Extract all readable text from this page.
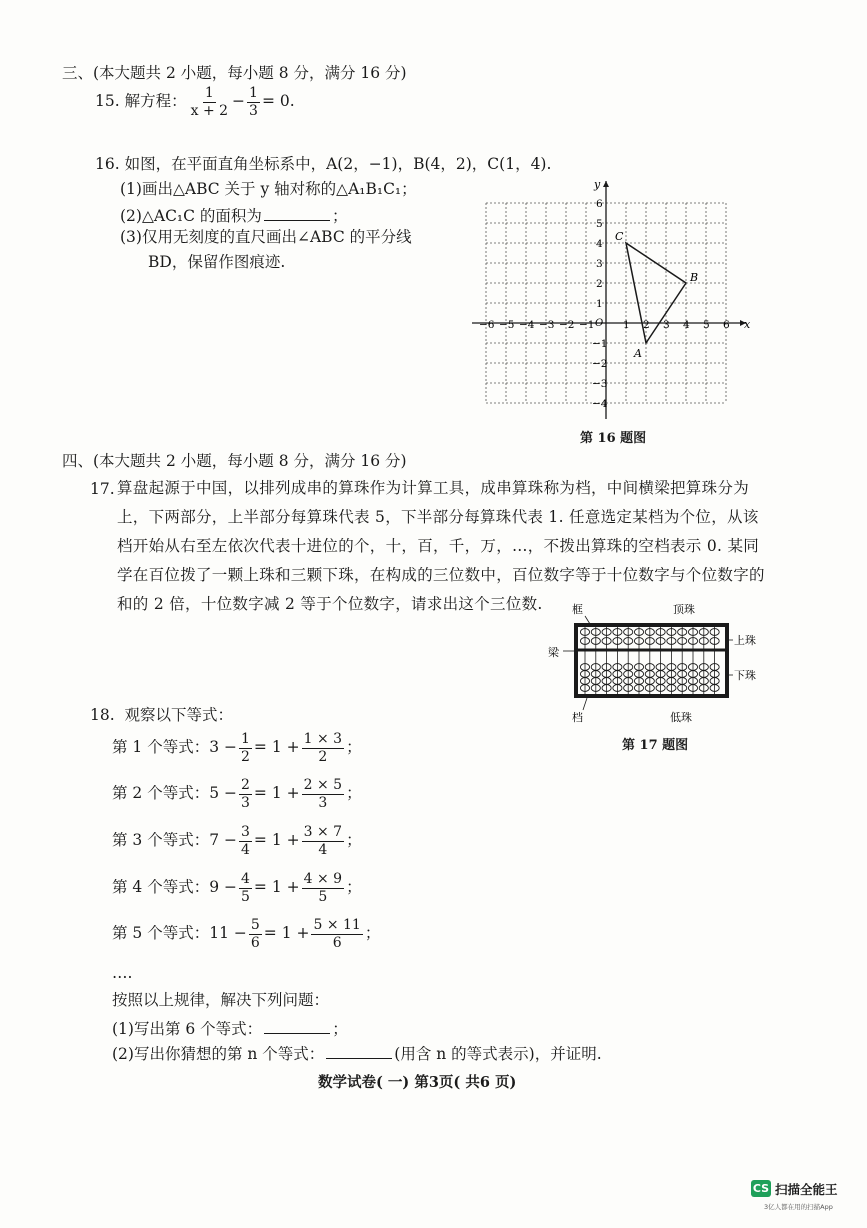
三、(本大题共 2 小题，每小题 8 分，满分 16 分)
15.
解方程： $\frac{1}{x + 2} - \frac{1}{3} = 0$.
16. 如图，在平面直角坐标系中，A(2，−1)，B(4，2)，C(1，4).
(1)画出△ABC 关于 y 轴对称的△A₁B₁C₁；
(2)△AC₁C 的面积为	；
(3)仅用无刻度的直尺画出∠ABC 的平分线
BD，保留作图痕迹.
x
y
O
−6 −5 −4 −3 −2 −1	1 2 3 4 5 6
6
5
4
3
2
1
−1
−2
−3
−4
A
B
C
第 16 题图
四、(本大题共 2 小题，每小题 8 分，满分 16 分)
17. 算盘起源于中国，以排列成串的算珠作为计算工具，成串算珠称为档，中间横梁把算珠分为上，下两部分，上半部分每算珠代表 5，下半部分每算珠代表 1. 任意选定某档为个位，从该档开始从右至左依次代表十进位的个，十，百，千，万，…，不拨出算珠的空档表示 0. 某同学在百位拨了一颗上珠和三颗下珠，在构成的三位数中，百位数字等于十位数字与个位数字的和的 2 倍，十位数字减 2 等于个位数字，请求出这个三位数.	框	顶珠
上珠
梁
下珠
档	低珠
第 17 题图
18. 观察以下等式：
第 1 个等式：$3 - \frac{1}{2} = 1 + \frac{1 \times 3}{2}$ ；
第 2 个等式：$5 - \frac{2}{3} = 1 + \frac{2 \times 5}{3}$ ；
第 3 个等式：$7 - \frac{3}{4} = 1 + \frac{3 \times 7}{4}$ ；
第 4 个等式：$9 - \frac{4}{5} = 1 + \frac{4 \times 9}{5}$ ；
第 5 个等式：$11 - \frac{5}{6} = 1 + \frac{5 \times 11}{6}$ ；
….
按照以上规律，解决下列问题：
(1)写出第 6 个等式：	；
(2)写出你猜想的第 n 个等式：	(用含 n 的等式表示)，并证明.
数学试卷( 一) 第3页( 共6 页)
CS 扫描全能王
3亿人都在用的扫描App
